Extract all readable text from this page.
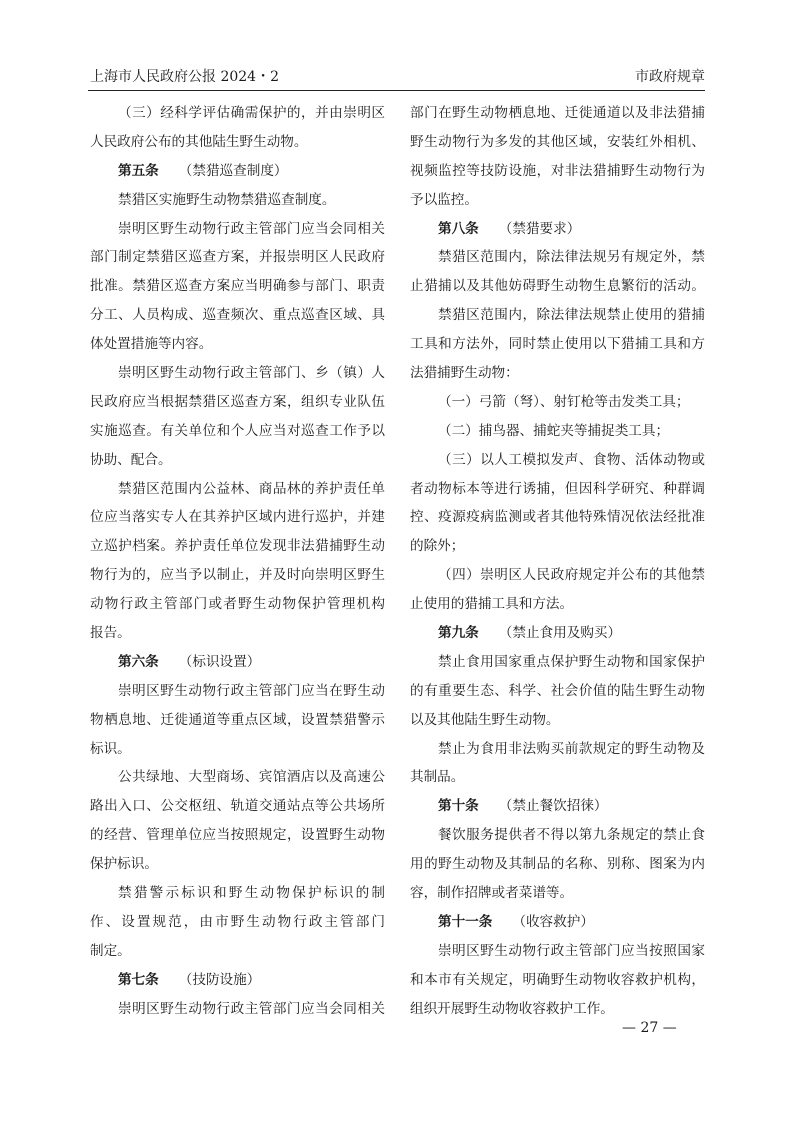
上海市人民政府公报 2024・2	市政府规章
（三）经科学评估确需保护的，并由崇明区
人民政府公布的其他陆生野生动物。
第五条 （禁猎巡查制度）
禁猎区实施野生动物禁猎巡查制度。
崇明区野生动物行政主管部门应当会同相关
部门制定禁猎区巡查方案，并报崇明区人民政府
批准。禁猎区巡查方案应当明确参与部门、职责
分工、人员构成、巡查频次、重点巡查区域、具
体处置措施等内容。
崇明区野生动物行政主管部门、乡（镇）人
民政府应当根据禁猎区巡查方案，组织专业队伍
实施巡查。有关单位和个人应当对巡查工作予以
协助、配合。
禁猎区范围内公益林、商品林的养护责任单
位应当落实专人在其养护区域内进行巡护，并建
立巡护档案。养护责任单位发现非法猎捕野生动
物行为的，应当予以制止，并及时向崇明区野生
动物行政主管部门或者野生动物保护管理机构
报告。
第六条 （标识设置）
崇明区野生动物行政主管部门应当在野生动
物栖息地、迁徙通道等重点区域，设置禁猎警示
标识。
公共绿地、大型商场、宾馆酒店以及高速公
路出入口、公交枢纽、轨道交通站点等公共场所
的经营、管理单位应当按照规定，设置野生动物
保护标识。
禁猎警示标识和野生动物保护标识的制
作、设置规范，由市野生动物行政主管部门
制定。
第七条 （技防设施）
崇明区野生动物行政主管部门应当会同相关
部门在野生动物栖息地、迁徙通道以及非法猎捕
野生动物行为多发的其他区域，安装红外相机、
视频监控等技防设施，对非法猎捕野生动物行为
予以监控。
第八条 （禁猎要求）
禁猎区范围内，除法律法规另有规定外，禁
止猎捕以及其他妨碍野生动物生息繁衍的活动。
禁猎区范围内，除法律法规禁止使用的猎捕
工具和方法外，同时禁止使用以下猎捕工具和方
法猎捕野生动物：
（一）弓箭（弩）、射钉枪等击发类工具；
（二）捕鸟器、捕蛇夹等捕捉类工具；
（三）以人工模拟发声、食物、活体动物或
者动物标本等进行诱捕，但因科学研究、种群调
控、疫源疫病监测或者其他特殊情况依法经批准
的除外；
（四）崇明区人民政府规定并公布的其他禁
止使用的猎捕工具和方法。
第九条 （禁止食用及购买）
禁止食用国家重点保护野生动物和国家保护
的有重要生态、科学、社会价值的陆生野生动物
以及其他陆生野生动物。
禁止为食用非法购买前款规定的野生动物及
其制品。
第十条 （禁止餐饮招徕）
餐饮服务提供者不得以第九条规定的禁止食
用的野生动物及其制品的名称、别称、图案为内
容，制作招牌或者菜谱等。
第十一条 （收容救护）
崇明区野生动物行政主管部门应当按照国家
和本市有关规定，明确野生动物收容救护机构，
组织开展野生动物收容救护工作。
— 27 —
